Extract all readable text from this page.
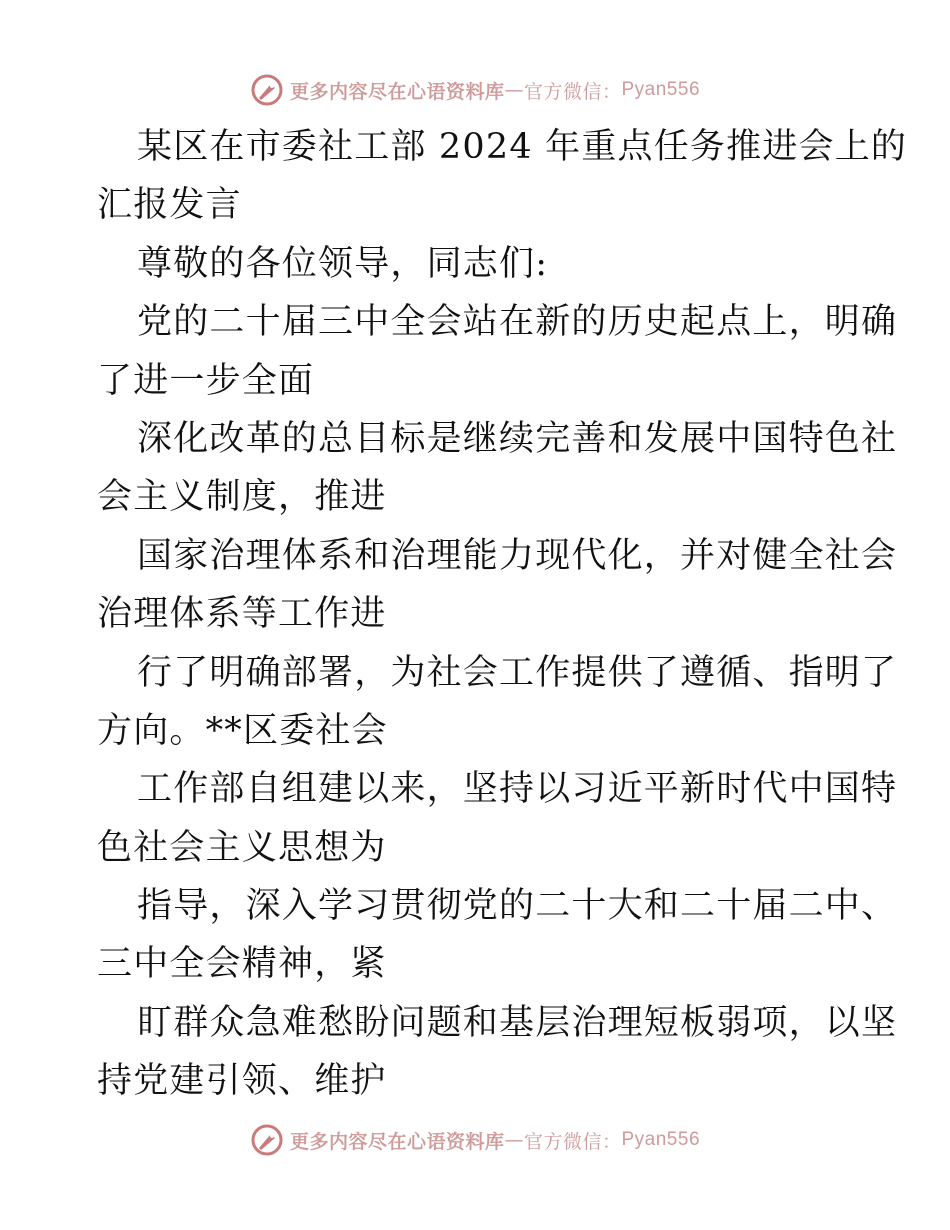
更多内容尽在心语资料库 — 官方微信： Pyan556
某区在市委社工部 2024 年重点任务推进会上的
汇报发言
尊敬的各位领导，同志们:
党的二十届三中全会站在新的历史起点上，明确
了进一步全面
深化改革的总目标是继续完善和发展中国特色社
会主义制度，推进
国家治理体系和治理能力现代化，并对健全社会
治理体系等工作进
行了明确部署，为社会工作提供了遵循、指明了
方向。**区委社会
工作部自组建以来，坚持以习近平新时代中国特
色社会主义思想为
指导，深入学习贯彻党的二十大和二十届二中、
三中全会精神，紧
盯群众急难愁盼问题和基层治理短板弱项，以坚
持党建引领、维护
更多内容尽在心语资料库 — 官方微信： Pyan556
